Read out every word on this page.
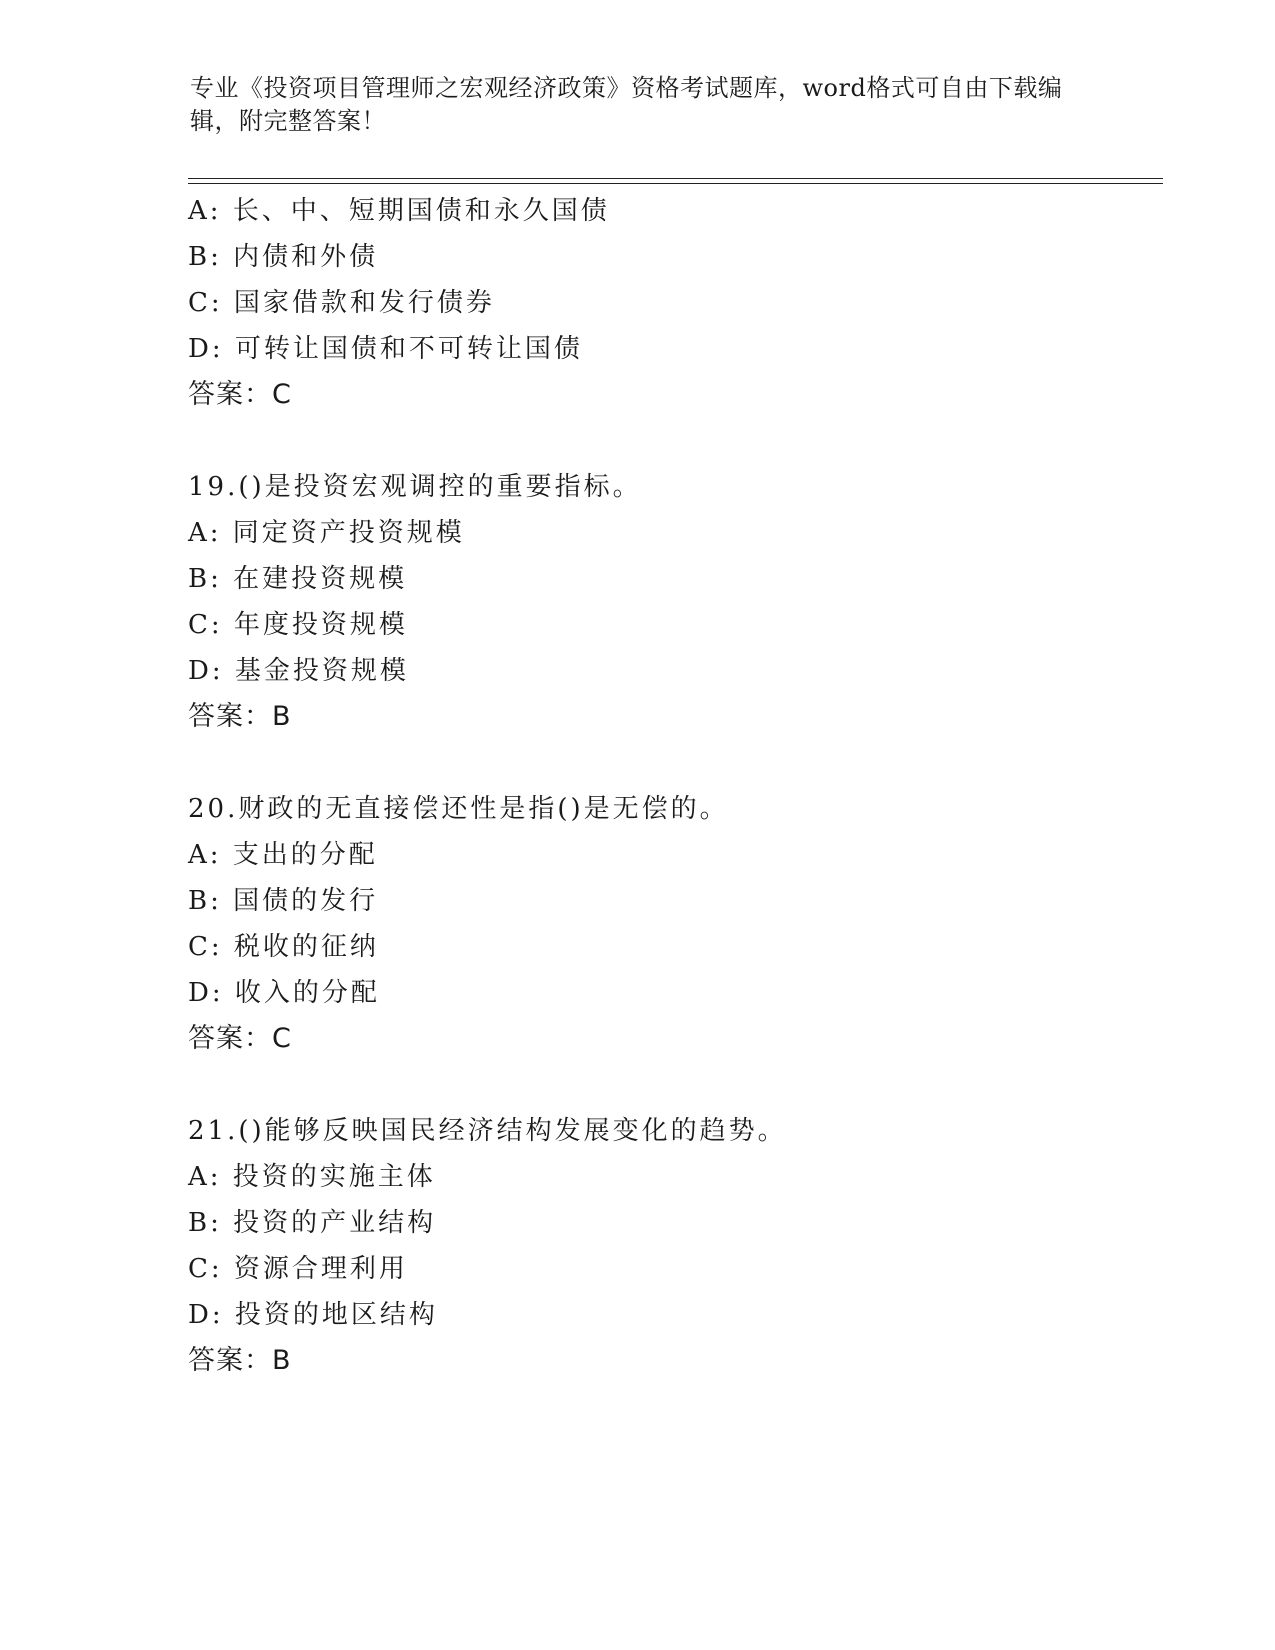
专业《投资项目管理师之宏观经济政策》资格考试题库，word格式可自由下载编
辑，附完整答案！
A: 长、中、短期国债和永久国债
B: 内债和外债
C: 国家借款和发行债券
D: 可转让国债和不可转让国债
答案：C
19.()是投资宏观调控的重要指标。
A: 同定资产投资规模
B: 在建投资规模
C: 年度投资规模
D: 基金投资规模
答案：B
20.财政的无直接偿还性是指()是无偿的。
A: 支出的分配
B: 国债的发行
C: 税收的征纳
D: 收入的分配
答案：C
21.()能够反映国民经济结构发展变化的趋势。
A: 投资的实施主体
B: 投资的产业结构
C: 资源合理利用
D: 投资的地区结构
答案：B
